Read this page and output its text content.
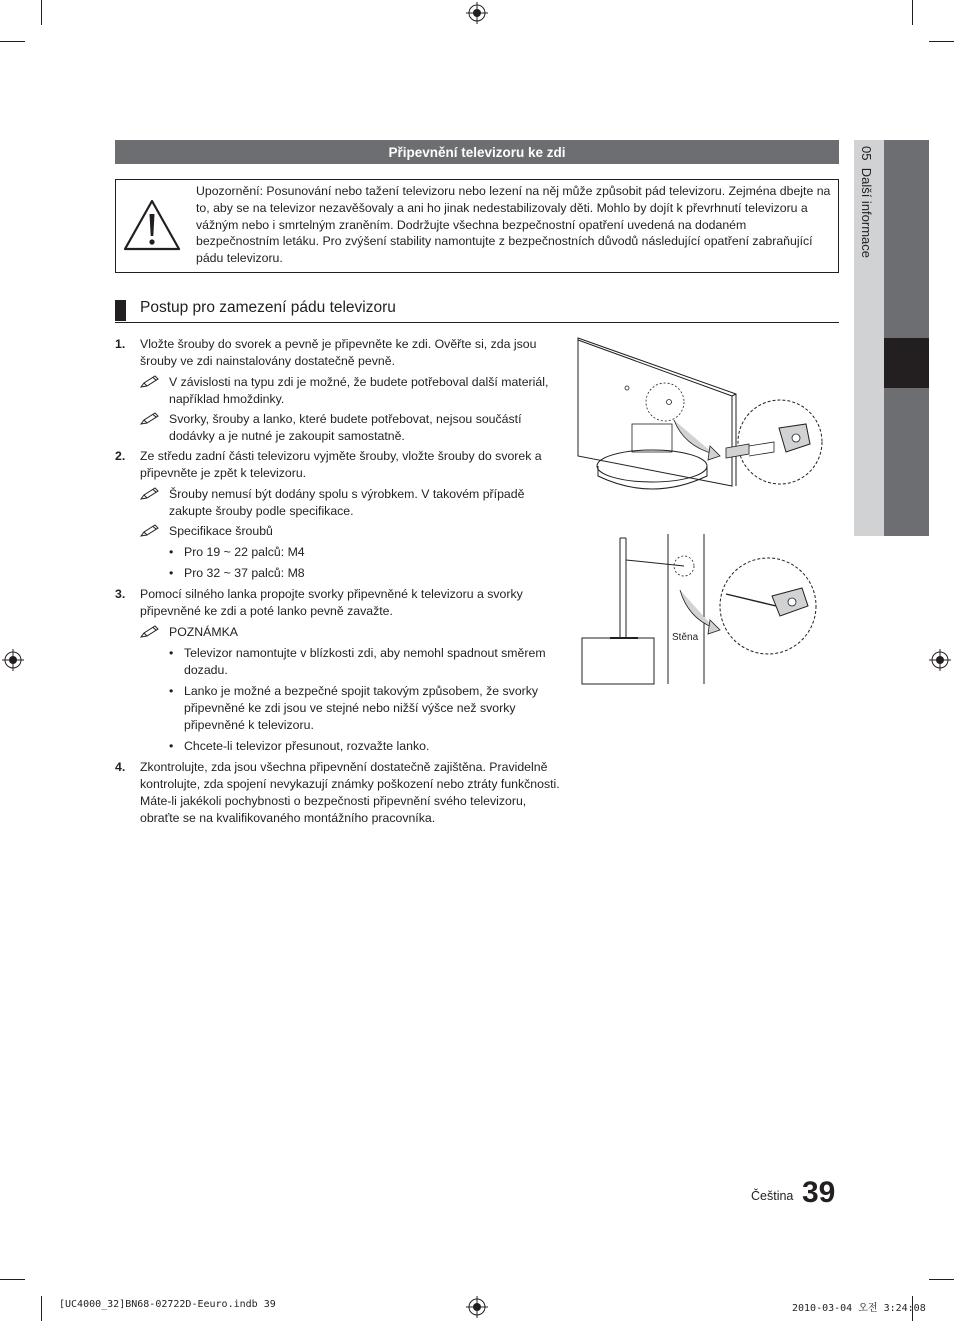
05  Další informace
Připevnění televizoru ke zdi
Upozornění: Posunování nebo tažení televizoru nebo lezení na něj může způsobit pád televizoru. Zejména dbejte na to, aby se na televizor nezavěšovaly a ani ho jinak nedestabilizovaly děti. Mohlo by dojít k převrhnutí televizoru a vážným nebo i smrtelným zraněním. Dodržujte všechna bezpečnostní opatření uvedená na dodaném bezpečnostním letáku. Pro zvýšení stability namontujte z bezpečnostních důvodů následující opatření zabraňující pádu televizoru.
Postup pro zamezení pádu televizoru
1. Vložte šrouby do svorek a pevně je připevněte ke zdi. Ověřte si, zda jsou šrouby ve zdi nainstalovány dostatečně pevně.
V závislosti na typu zdi je možné, že budete potřeboval další materiál, například hmoždinky.
Svorky, šrouby a lanko, které budete potřebovat, nejsou součástí dodávky a je nutné je zakoupit samostatně.
2. Ze středu zadní části televizoru vyjměte šrouby, vložte šrouby do svorek a připevněte je zpět k televizoru.
Šrouby nemusí být dodány spolu s výrobkem. V takovém případě zakupte šrouby podle specifikace.
Specifikace šroubů
• Pro 19 ~ 22 palců: M4
• Pro 32 ~ 37 palců: M8
3. Pomocí silného lanka propojte svorky připevněné k televizoru a svorky připevněné ke zdi a poté lanko pevně zavažte.
POZNÁMKA
• Televizor namontujte v blízkosti zdi, aby nemohl spadnout směrem dozadu.
• Lanko je možné a bezpečné spojit takovým způsobem, že svorky připevněné ke zdi jsou ve stejné nebo nižší výšce než svorky připevněné k televizoru.
• Chcete-li televizor přesunout, rozvažte lanko.
4. Zkontrolujte, zda jsou všechna připevnění dostatečně zajištěna. Pravidelně kontrolujte, zda spojení nevykazují známky poškození nebo ztráty funkčnosti. Máte-li jakékoli pochybnosti o bezpečnosti připevnění svého televizoru, obraťte se na kvalifikovaného montážního pracovníka.
Stěna
Čeština 39
[UC4000_32]BN68-02722D-Eeuro.indb 39	2010-03-04 오전 3:24:08
